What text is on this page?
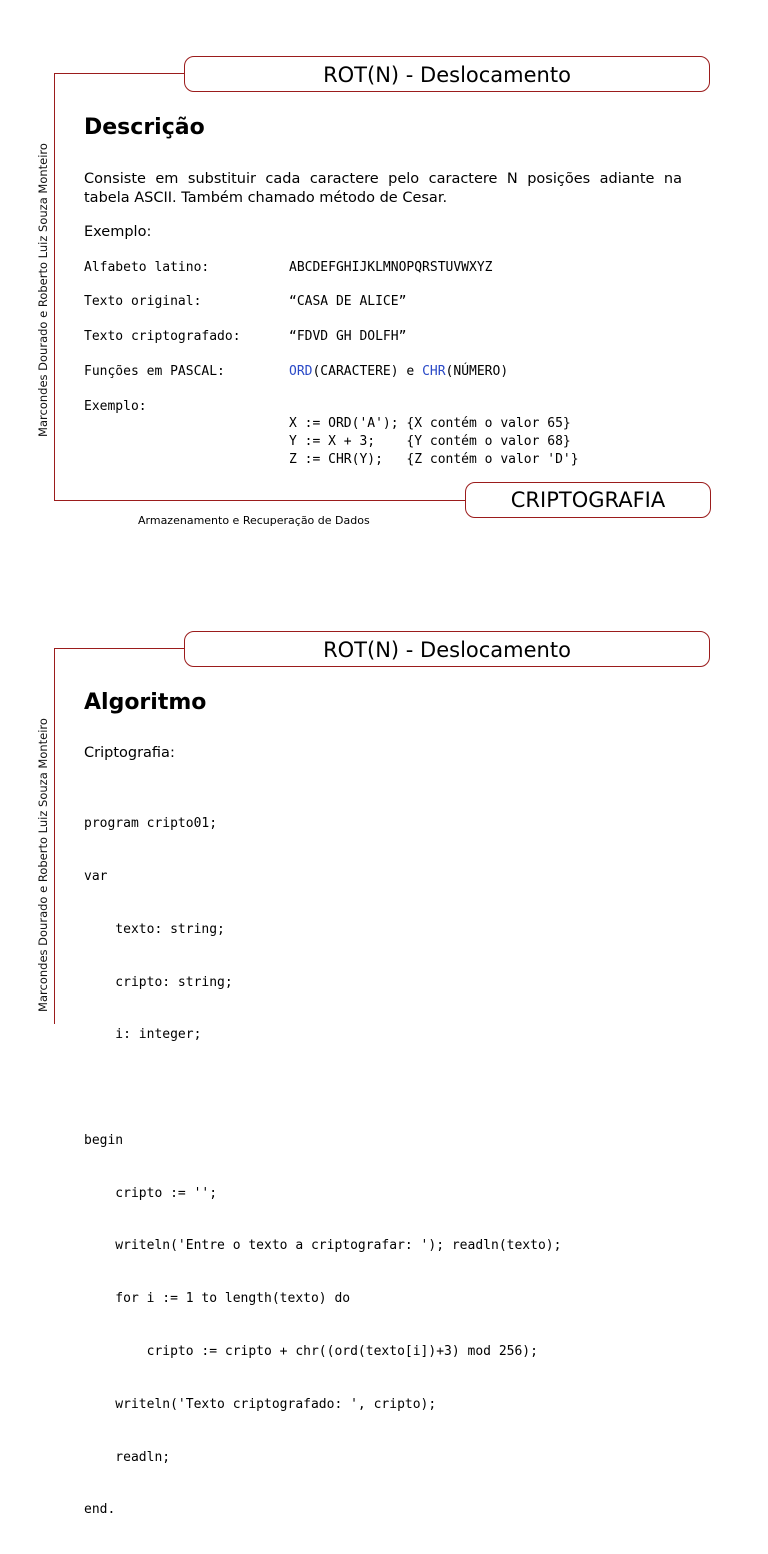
ROT(N) - Deslocamento
Marcondes Dourado e Roberto Luiz Souza Monteiro
Descrição
Consiste em substituir cada caractere pelo caractere N posições adiante na tabela ASCII. Também chamado método de Cesar.
Exemplo:
Alfabeto latino:	ABCDEFGHIJKLMNOPQRSTUVWXYZ
Texto original:	“CASA DE ALICE”
Texto criptografado:	“FDVD GH DOLFH”
Funções em PASCAL:	ORD(CARACTERE) e CHR(NÚMERO)
Exemplo:
X := ORD('A'); {X contém o valor 65}
Y := X + 3;    {Y contém o valor 68}
Z := CHR(Y);   {Z contém o valor 'D'}
CRIPTOGRAFIA
Armazenamento e Recuperação de Dados
ROT(N) - Deslocamento
Marcondes Dourado e Roberto Luiz Souza Monteiro
Algoritmo
Criptografia:

program cripto01;

var

texto: string;

cripto: string;

i: integer;

begin

cripto := '';

writeln('Entre o texto a criptografar: '); readln(texto);

for i := 1 to length(texto) do

cripto := cripto + chr((ord(texto[i])+3) mod 256);

writeln('Texto criptografado: ', cripto);

readln;

end.
